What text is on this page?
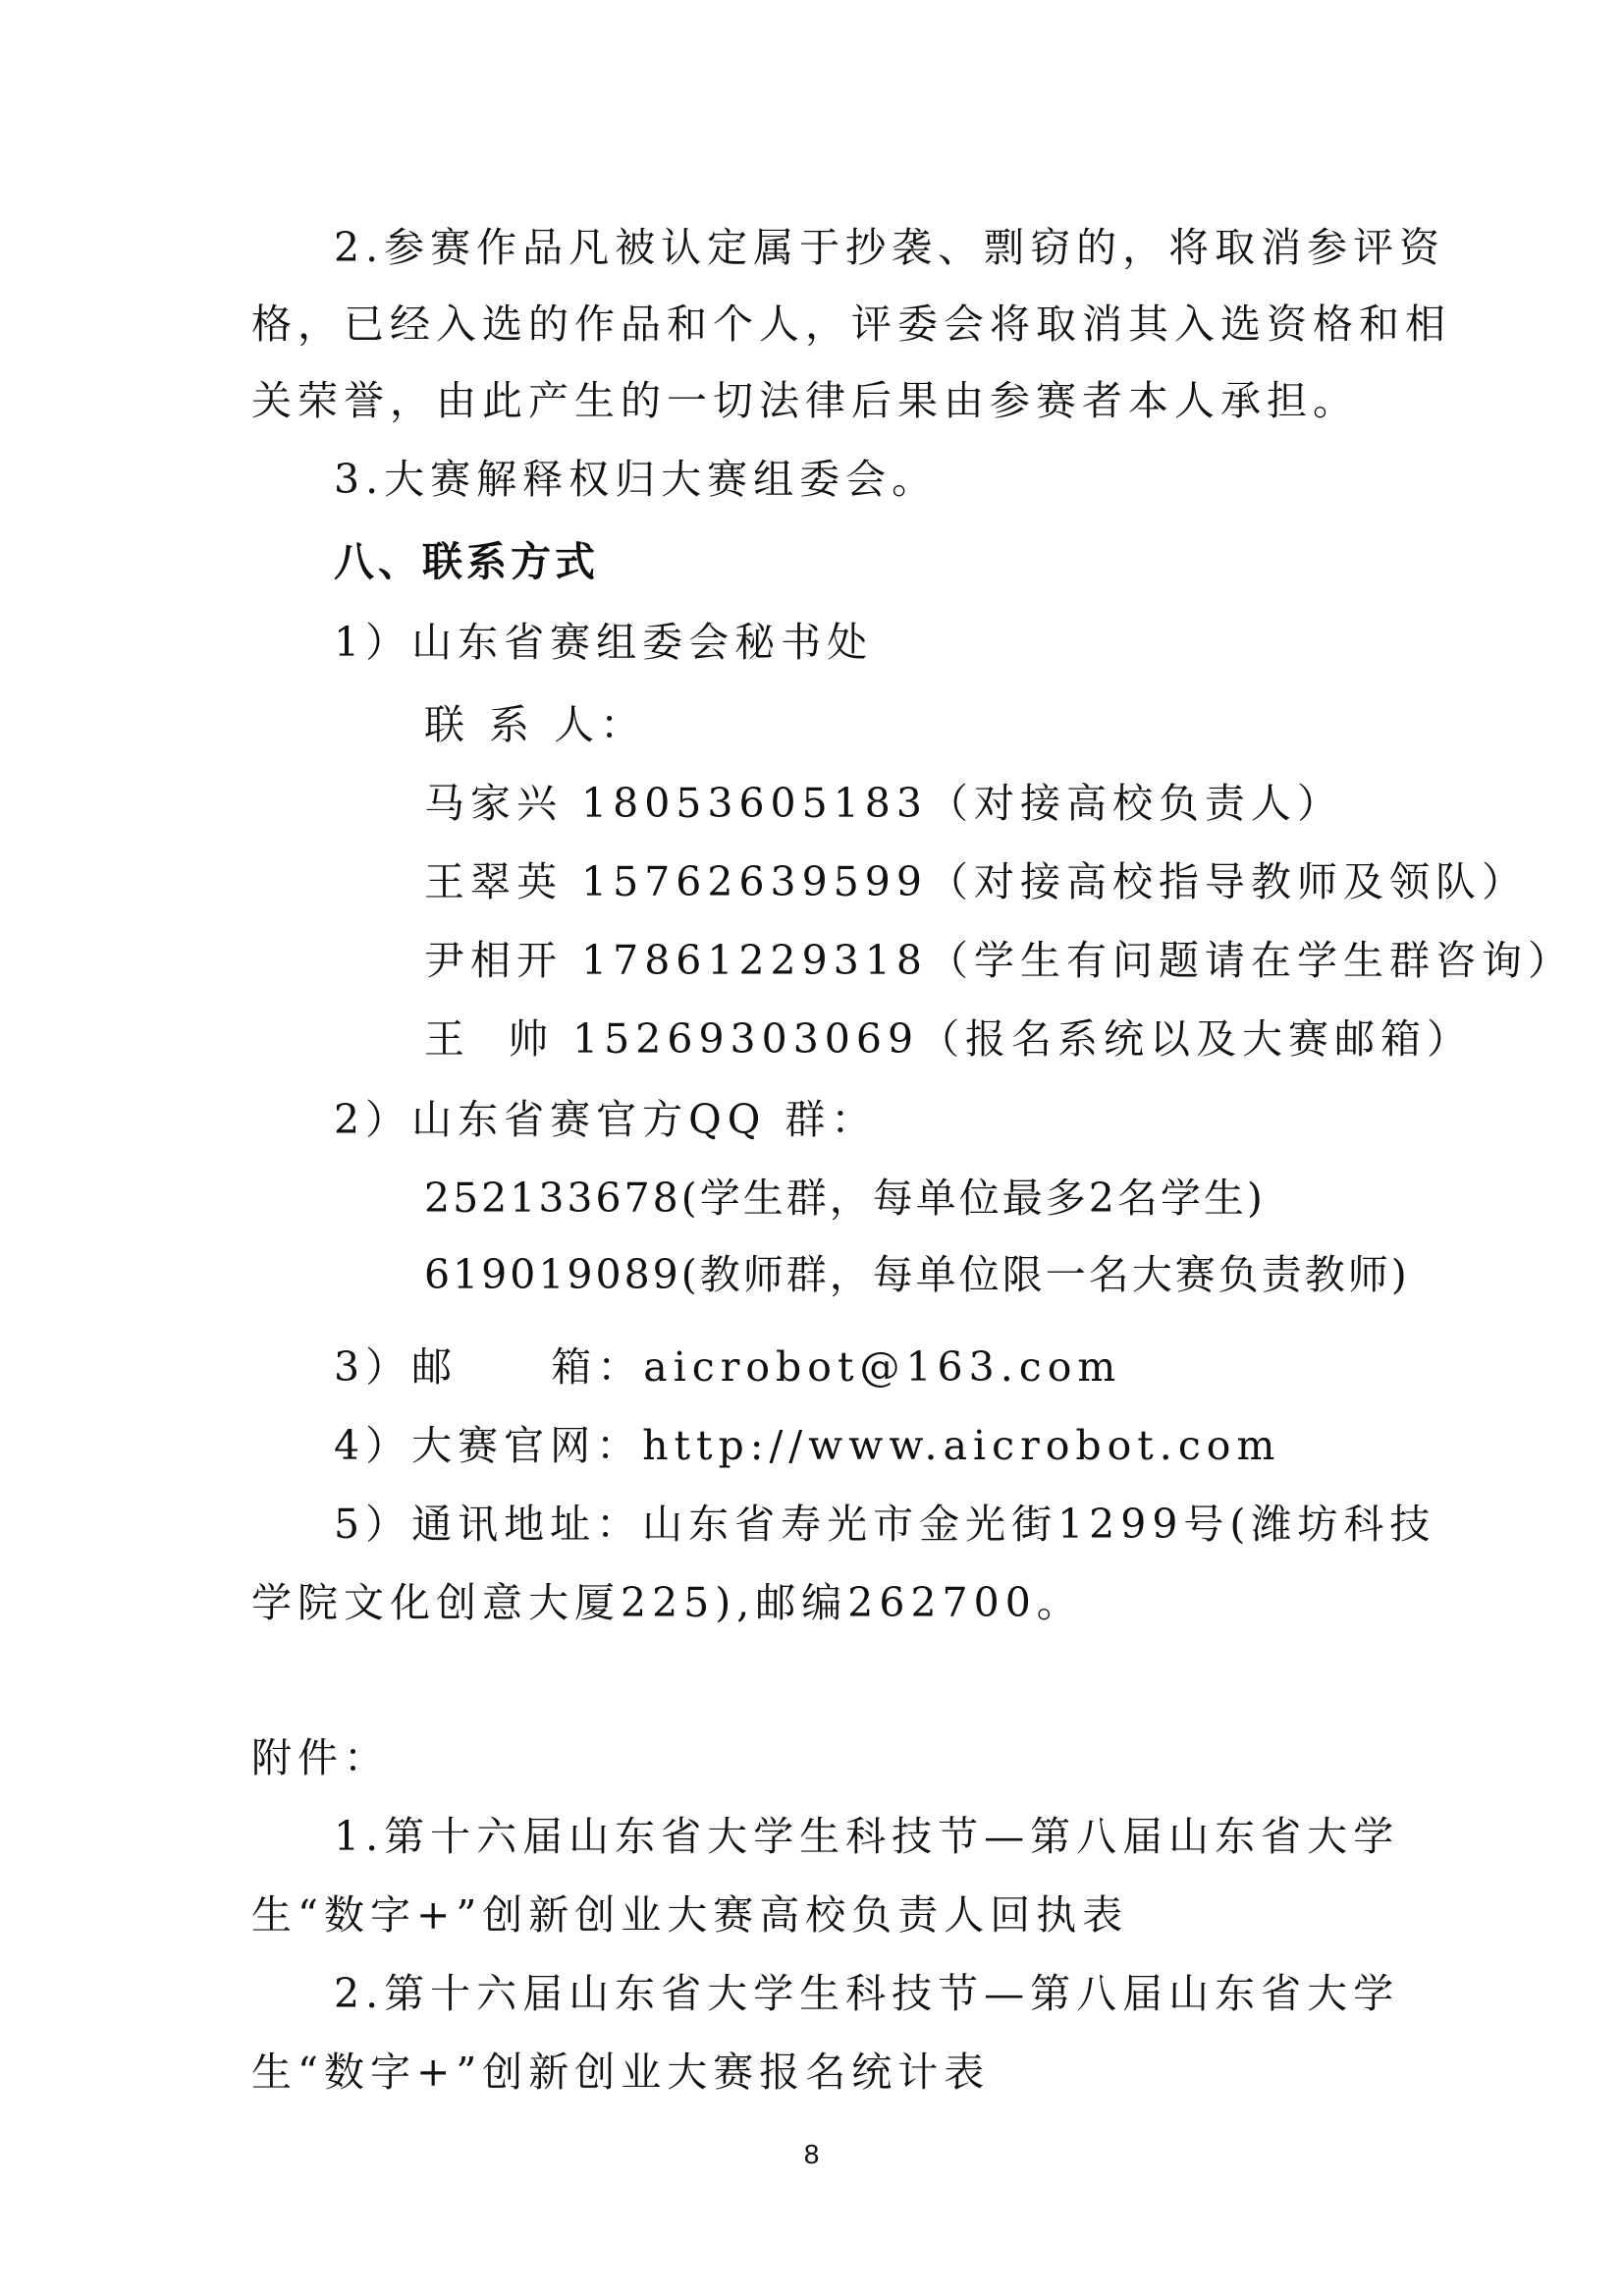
2.参赛作品凡被认定属于抄袭、剽窃的，将取消参评资
格，已经入选的作品和个人，评委会将取消其入选资格和相
关荣誉，由此产生的一切法律后果由参赛者本人承担。
3.大赛解释权归大赛组委会。
八、联系方式
1）山东省赛组委会秘书处
联 系 人：
马家兴 18053605183（对接高校负责人）
王翠英 15762639599（对接高校指导教师及领队）
尹相开 17861229318（学生有问题请在学生群咨询）
王  帅 15269303069（报名系统以及大赛邮箱）
2）山东省赛官方QQ 群：
252133678(学生群，每单位最多2名学生)
619019089(教师群，每单位限一名大赛负责教师)
3）邮     箱：aicrobot@163.com
4）大赛官网：http://www.aicrobot.com
5）通讯地址：山东省寿光市金光街1299号(潍坊科技
学院文化创意大厦225),邮编262700。
附件：
1.第十六届山东省大学生科技节—第八届山东省大学
生“数字+”创新创业大赛高校负责人回执表
2.第十六届山东省大学生科技节—第八届山东省大学
生“数字+”创新创业大赛报名统计表
8
